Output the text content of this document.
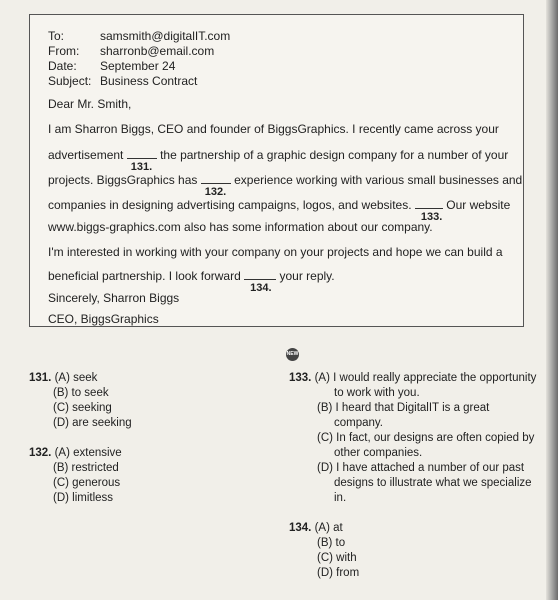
To:	samsmith@digitalIT.com
From: sharronb@email.com
Date: September 24
Subject: Business Contract
Dear Mr. Smith,
I am Sharron Biggs, CEO and founder of BiggsGraphics. I recently came across your
advertisement
131.
the partnership of a graphic design company for a number of your
projects. BiggsGraphics has
132.
experience working with various small businesses and
companies in designing advertising campaigns, logos, and websites.
133.
Our website
www.biggs-graphics.com also has some information about our company.
I'm interested in working with your company on your projects and hope we can build a
beneficial partnership. I look forward
134.
your reply.
Sincerely, Sharron Biggs
CEO, BiggsGraphics
131. (A) seek
(B) to seek
(C) seeking
(D) are seeking
132. (A) extensive
(B) restricted
(C) generous
(D) limitless
NEW
133. (A) I would really appreciate the opportunity
to work with you.
(B) I heard that DigitalIT is a great
company.
(C) In fact, our designs are often copied by
other companies.
(D) I have attached a number of our past
designs to illustrate what we specialize
in.
134. (A) at
(B) to
(C) with
(D) from
